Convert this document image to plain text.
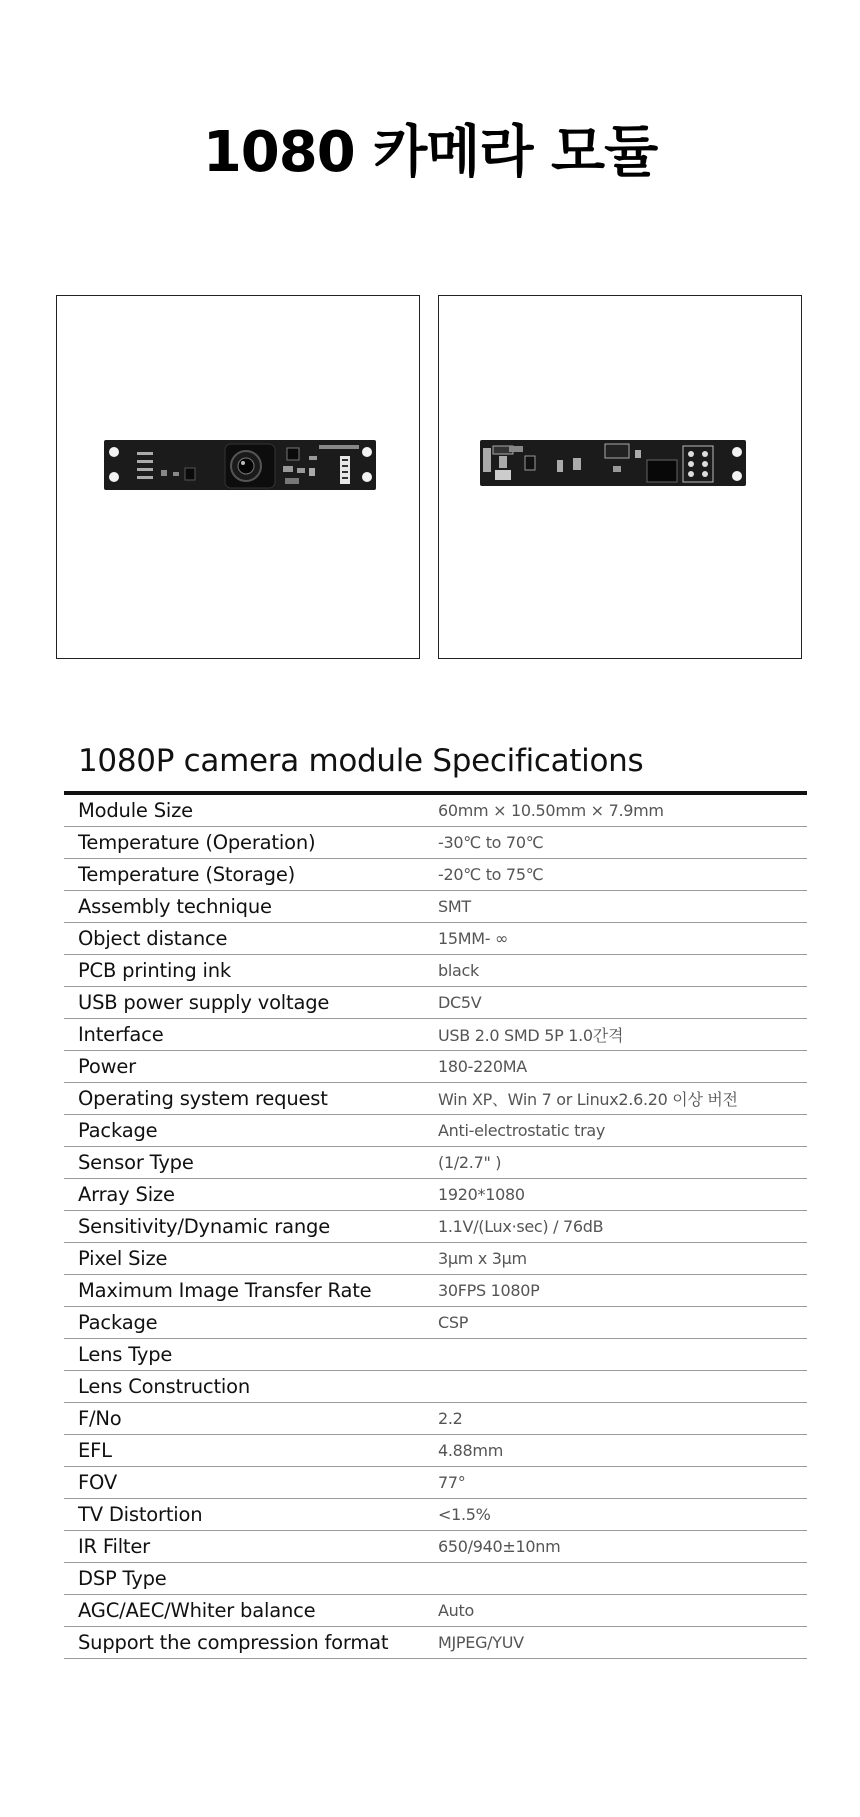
1080 카메라 모듈
1080P camera module Specifications
Module Size	60mm × 10.50mm × 7.9mm
Temperature (Operation)	-30℃ to 70℃
Temperature (Storage)	-20℃ to 75℃
Assembly technique	SMT
Object distance	15MM- ∞
PCB printing ink	black
USB power supply voltage	DC5V
Interface	USB 2.0 SMD 5P 1.0간격
Power	180-220MA
Operating system request	Win XP、Win 7 or Linux2.6.20 이상 버전
Package	Anti-electrostatic tray
Sensor Type	(1/2.7" )
Array Size	1920*1080
Sensitivity/Dynamic range	1.1V/(Lux·sec) / 76dB
Pixel Size	3μm x 3μm
Maximum Image Transfer Rate	30FPS 1080P
Package	CSP
Lens Type
Lens Construction
F/No	2.2
EFL	4.88mm
FOV	77°
TV Distortion	<1.5%
IR Filter	650/940±10nm
DSP Type
AGC/AEC/Whiter balance	Auto
Support the compression format	MJPEG/YUV
